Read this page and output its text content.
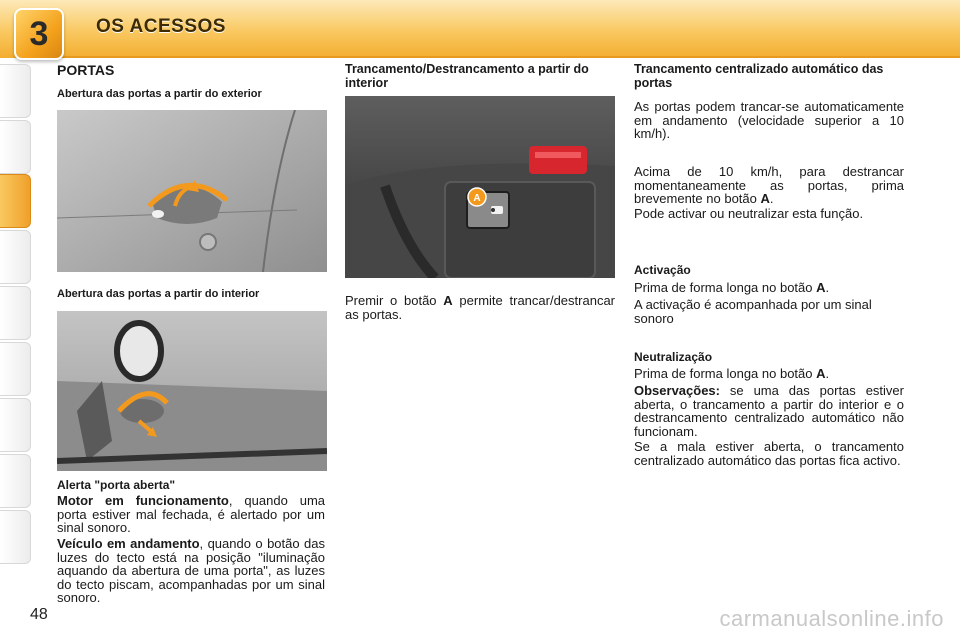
3	OS ACESSOS
PORTAS
Abertura das portas a partir do exterior
Abertura das portas a partir do interior
Alerta "porta aberta"

Motor em funcionamento, quando uma porta estiver mal fechada, é alertado por um sinal sonoro.

Veículo em andamento, quando o botão das luzes do tecto está na posição "iluminação aquando da abertura de uma porta", as luzes do tecto piscam, acompanhadas por um sinal sonoro.

Trancamento/Destrancamento a partir do interior
A

Premir o botão A permite trancar/destrancar as portas.

Trancamento centralizado automático das portas

As portas podem trancar-se automaticamente em andamento (velocidade superior a 10 km/h).

Acima de 10 km/h, para destrancar momentaneamente as portas, prima brevemente no botão A.

Pode activar ou neutralizar esta função.

Activação

Prima de forma longa no botão A.

A activação é acompanhada por um sinal sonoro

Neutralização

Prima de forma longa no botão A.

Observações: se uma das portas estiver aberta, o trancamento a partir do interior e o destrancamento centralizado automático não funcionam.

Se a mala estiver aberta, o trancamento centralizado automático das portas fica activo.

48	carmanualsonline.info
